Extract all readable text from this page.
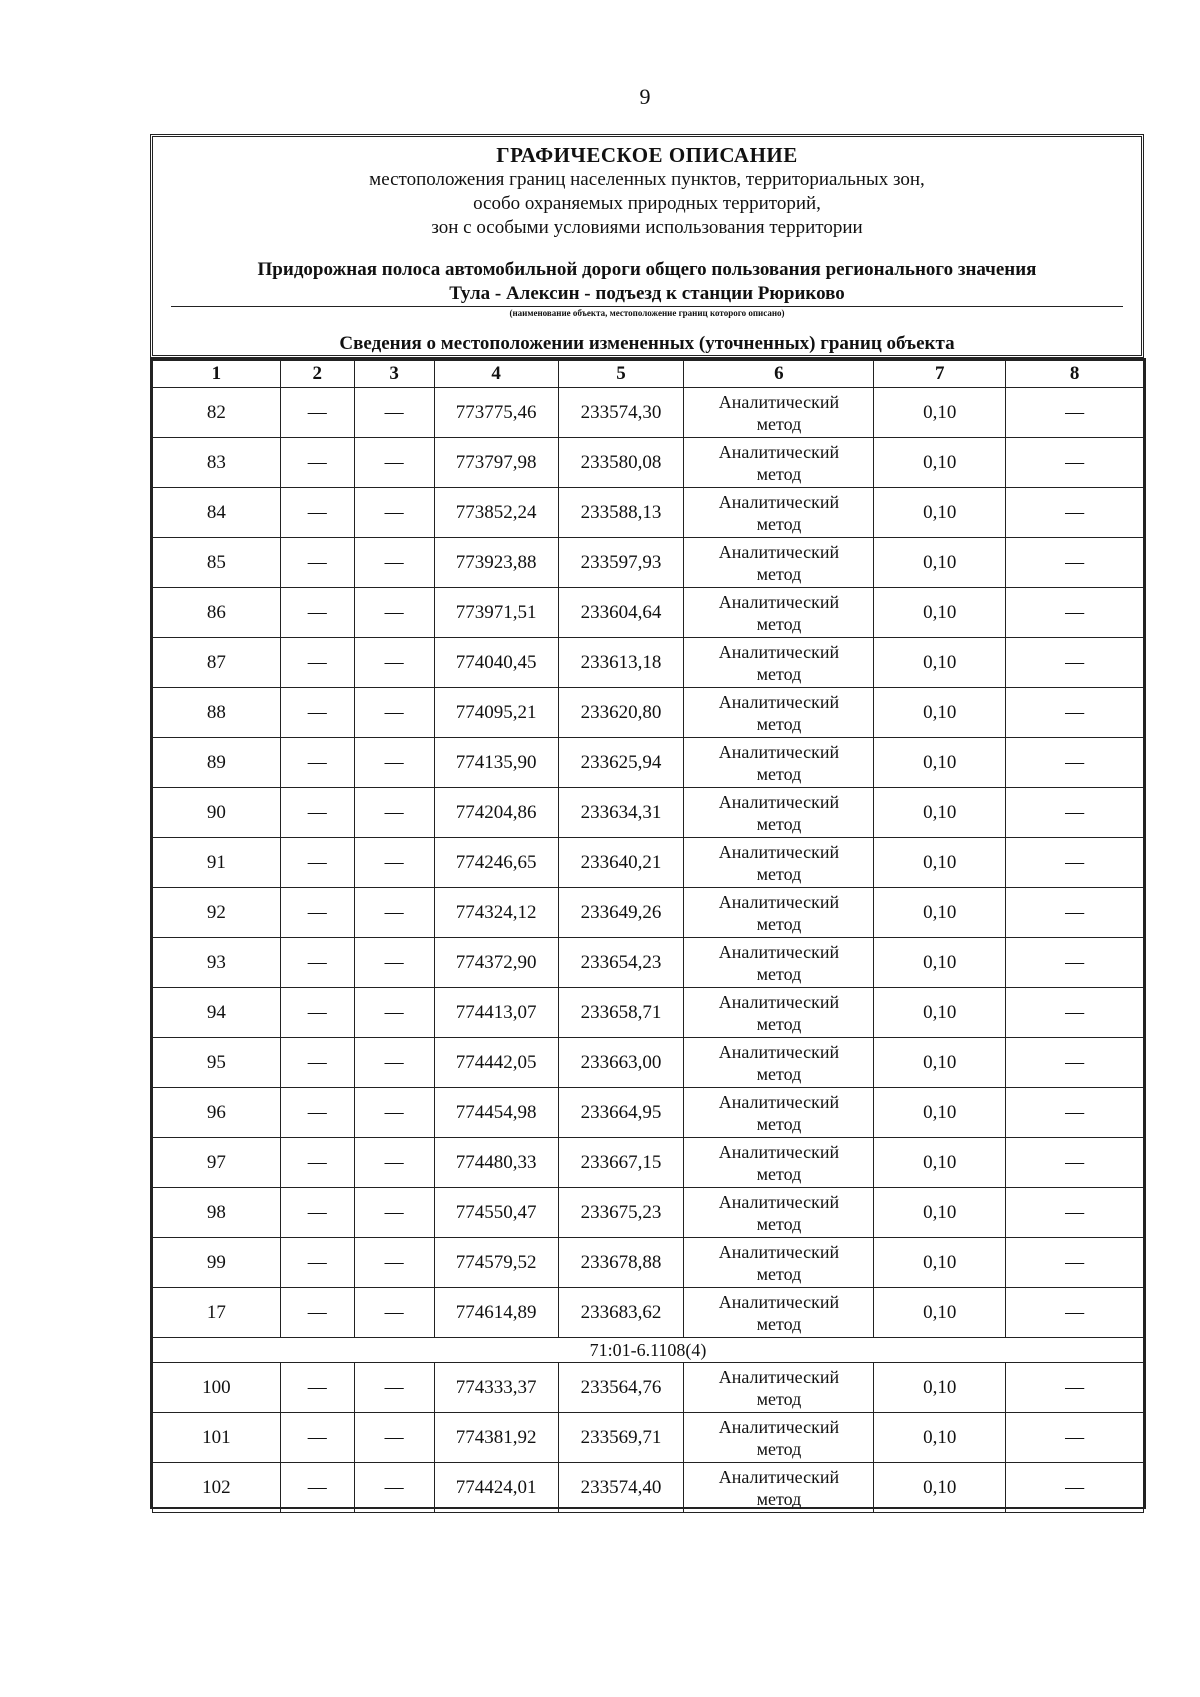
9
ГРАФИЧЕСКОЕ ОПИСАНИЕ
местоположения границ населенных пунктов, территориальных зон,
особо охраняемых природных территорий,
зон с особыми условиями использования территории
Придорожная полоса автомобильной дороги общего пользования регионального значения
Тула - Алексин - подъезд к станции Рюриково
(наименование объекта, местоположение границ которого описано)
Сведения о местоположении измененных (уточненных) границ объекта
1	2	3	4	5	6	7	8
82	—	—	773775,46	233574,30	Аналитический
метод	0,10	—
83	—	—	773797,98	233580,08	Аналитический
метод	0,10	—
84	—	—	773852,24	233588,13	Аналитический
метод	0,10	—
85	—	—	773923,88	233597,93	Аналитический
метод	0,10	—
86	—	—	773971,51	233604,64	Аналитический
метод	0,10	—
87	—	—	774040,45	233613,18	Аналитический
метод	0,10	—
88	—	—	774095,21	233620,80	Аналитический
метод	0,10	—
89	—	—	774135,90	233625,94	Аналитический
метод	0,10	—
90	—	—	774204,86	233634,31	Аналитический
метод	0,10	—
91	—	—	774246,65	233640,21	Аналитический
метод	0,10	—
92	—	—	774324,12	233649,26	Аналитический
метод	0,10	—
93	—	—	774372,90	233654,23	Аналитический
метод	0,10	—
94	—	—	774413,07	233658,71	Аналитический
метод	0,10	—
95	—	—	774442,05	233663,00	Аналитический
метод	0,10	—
96	—	—	774454,98	233664,95	Аналитический
метод	0,10	—
97	—	—	774480,33	233667,15	Аналитический
метод	0,10	—
98	—	—	774550,47	233675,23	Аналитический
метод	0,10	—
99	—	—	774579,52	233678,88	Аналитический
метод	0,10	—
17	—	—	774614,89	233683,62	Аналитический
метод	0,10	—
71:01-6.1108(4)							
100	—	—	774333,37	233564,76	Аналитический
метод	0,10	—
101	—	—	774381,92	233569,71	Аналитический
метод	0,10	—
102	—	—	774424,01	233574,40	Аналитический
метод	0,10	—
